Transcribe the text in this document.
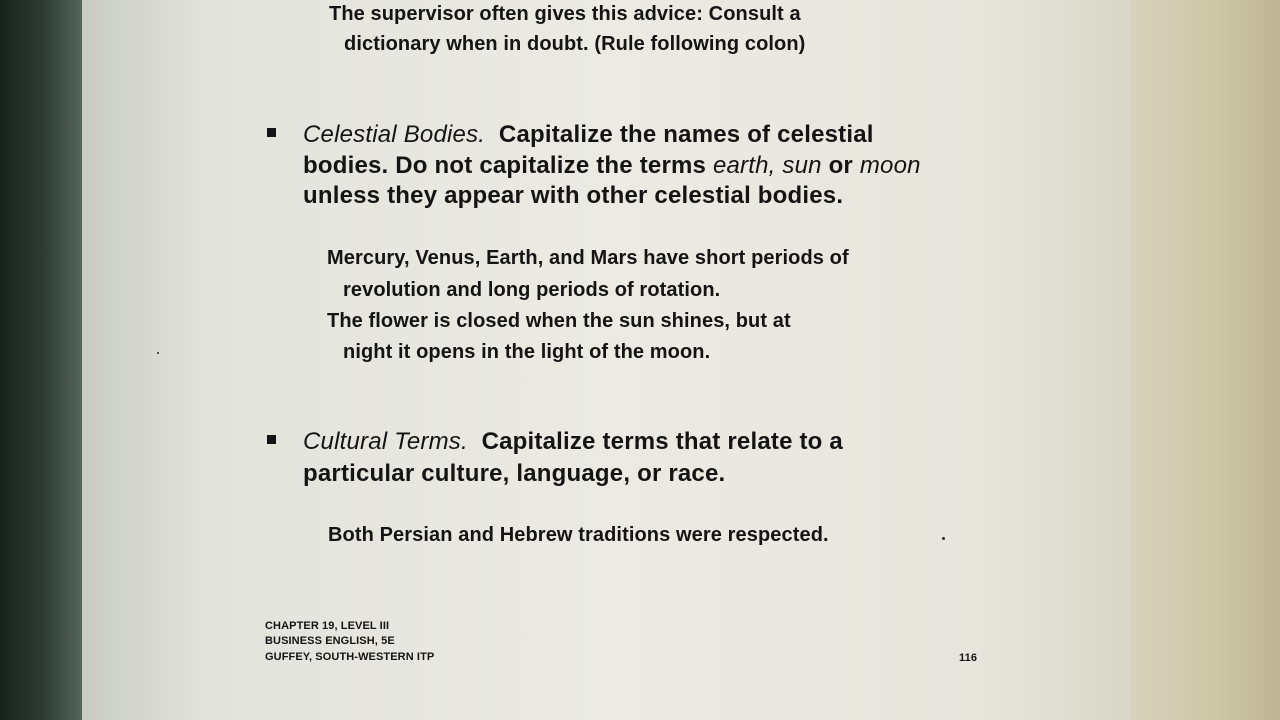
The supervisor often gives this advice: Consult a

dictionary when in doubt. (Rule following colon)

Celestial Bodies. Capitalize the names of celestial

bodies. Do not capitalize the terms earth, sun or moon

unless they appear with other celestial bodies.

Mercury, Venus, Earth, and Mars have short periods of

revolution and long periods of rotation.

The flower is closed when the sun shines, but at

night it opens in the light of the moon.

Cultural Terms. Capitalize terms that relate to a

particular culture, language, or race.

Both Persian and Hebrew traditions were respected.

CHAPTER 19, LEVEL III
BUSINESS ENGLISH, 5E
GUFFEY, SOUTH-WESTERN ITP	116
